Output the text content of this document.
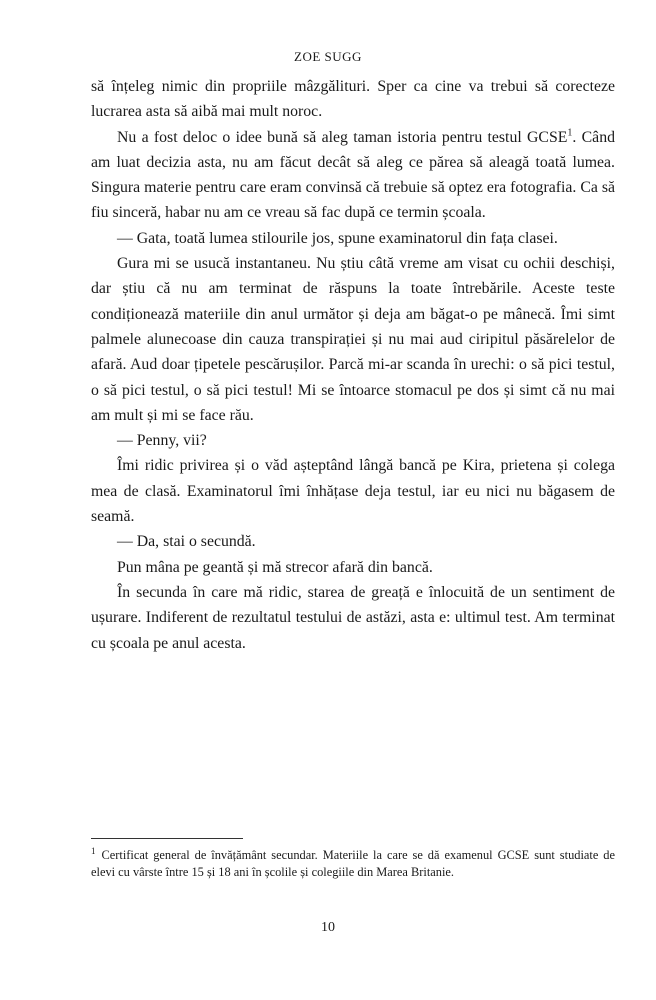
ZOE SUGG

să înțeleg nimic din propriile mâzgălituri. Sper ca cine va trebui să corecteze lucrarea asta să aibă mai mult noroc.

Nu a fost deloc o idee bună să aleg taman istoria pentru testul GCSE$^1$. Când am luat decizia asta, nu am făcut decât să aleg ce părea să aleagă toată lumea. Singura materie pentru care eram convinsă că trebuie să optez era fotografia. Ca să fiu sinceră, habar nu am ce vreau să fac după ce termin școala.

— Gata, toată lumea stilourile jos, spune examinatorul din fața clasei.

Gura mi se usucă instantaneu. Nu știu câtă vreme am visat cu ochii deschiși, dar știu că nu am terminat de răspuns la toate întrebările. Aceste teste condiționează materiile din anul următor și deja am băgat-o pe mânecă. Îmi simt palmele alunecoase din cauza transpirației și nu mai aud ciripitul păsărelelor de afară. Aud doar țipetele pescărușilor. Parcă mi-ar scanda în urechi: o să pici testul, o să pici testul, o să pici testul! Mi se întoarce stomacul pe dos și simt că nu mai am mult și mi se face rău.

— Penny, vii?

Îmi ridic privirea și o văd așteptând lângă bancă pe Kira, prietena și colega mea de clasă. Examinatorul îmi înhățase deja testul, iar eu nici nu băgasem de seamă.

— Da, stai o secundă.

Pun mâna pe geantă și mă strecor afară din bancă.

În secunda în care mă ridic, starea de greață e înlocuită de un sentiment de ușurare. Indiferent de rezultatul testului de astăzi, asta e: ultimul test. Am terminat cu școala pe anul acesta.

$^1$ Certificat general de învățământ secundar. Materiile la care se dă examenul GCSE sunt studiate de elevi cu vârste între 15 și 18 ani în școlile și colegiile din Marea Britanie.
10
